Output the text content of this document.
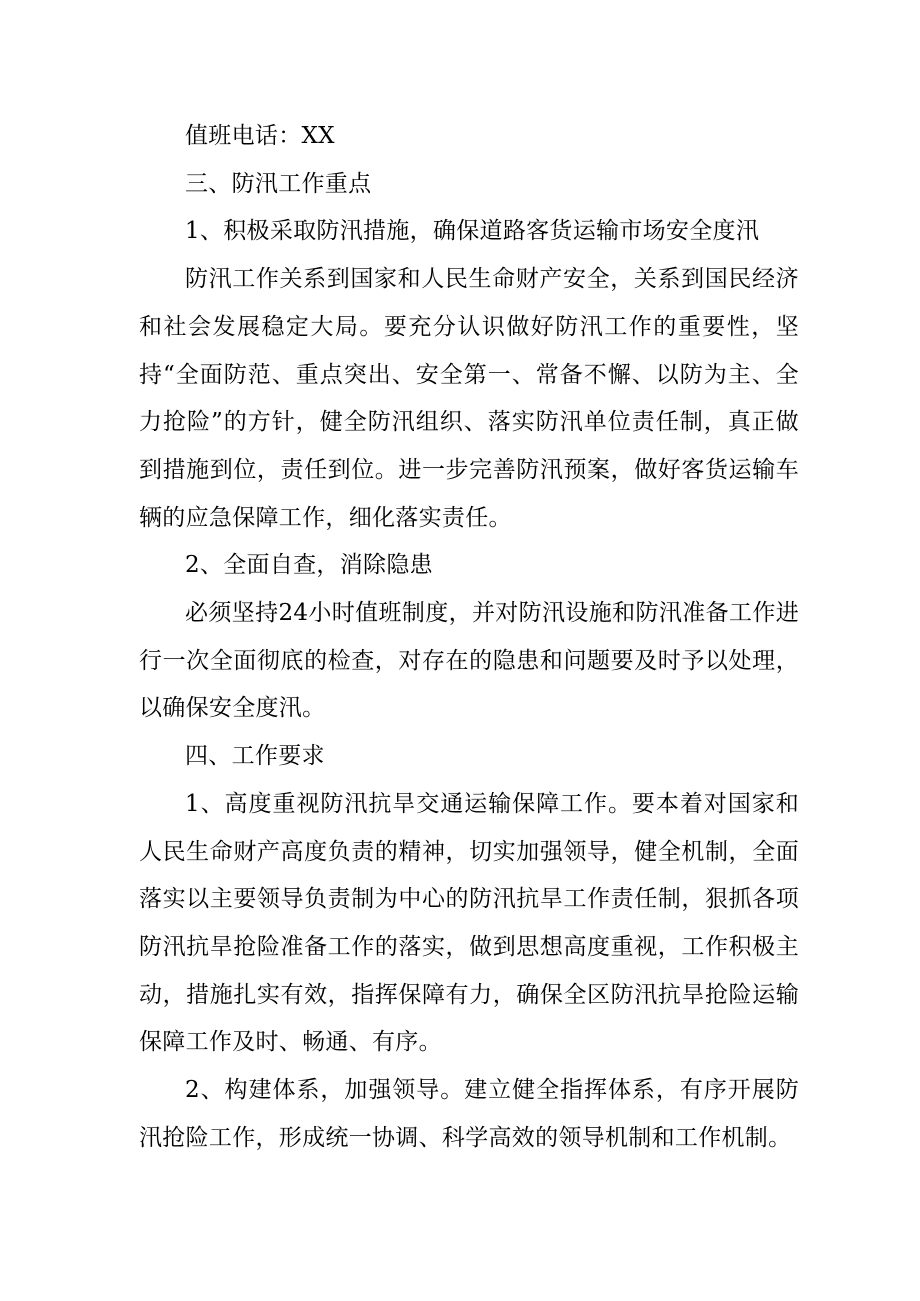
值班电话：XX

三、防汛工作重点

1、积极采取防汛措施，确保道路客货运输市场安全度汛

防汛工作关系到国家和人民生命财产安全，关系到国民经济和社会发展稳定大局。要充分认识做好防汛工作的重要性，坚持“全面防范、重点突出、安全第一、常备不懈、以防为主、全力抢险”的方针，健全防汛组织、落实防汛单位责任制，真正做到措施到位，责任到位。进一步完善防汛预案，做好客货运输车辆的应急保障工作，细化落实责任。

2、全面自查，消除隐患

必须坚持24小时值班制度，并对防汛设施和防汛准备工作进行一次全面彻底的检查，对存在的隐患和问题要及时予以处理，以确保安全度汛。

四、工作要求

1、高度重视防汛抗旱交通运输保障工作。要本着对国家和人民生命财产高度负责的精神，切实加强领导，健全机制，全面落实以主要领导负责制为中心的防汛抗旱工作责任制，狠抓各项防汛抗旱抢险准备工作的落实，做到思想高度重视，工作积极主动，措施扎实有效，指挥保障有力，确保全区防汛抗旱抢险运输保障工作及时、畅通、有序。

2、构建体系，加强领导。建立健全指挥体系，有序开展防汛抢险工作，形成统一协调、科学高效的领导机制和工作机制。
